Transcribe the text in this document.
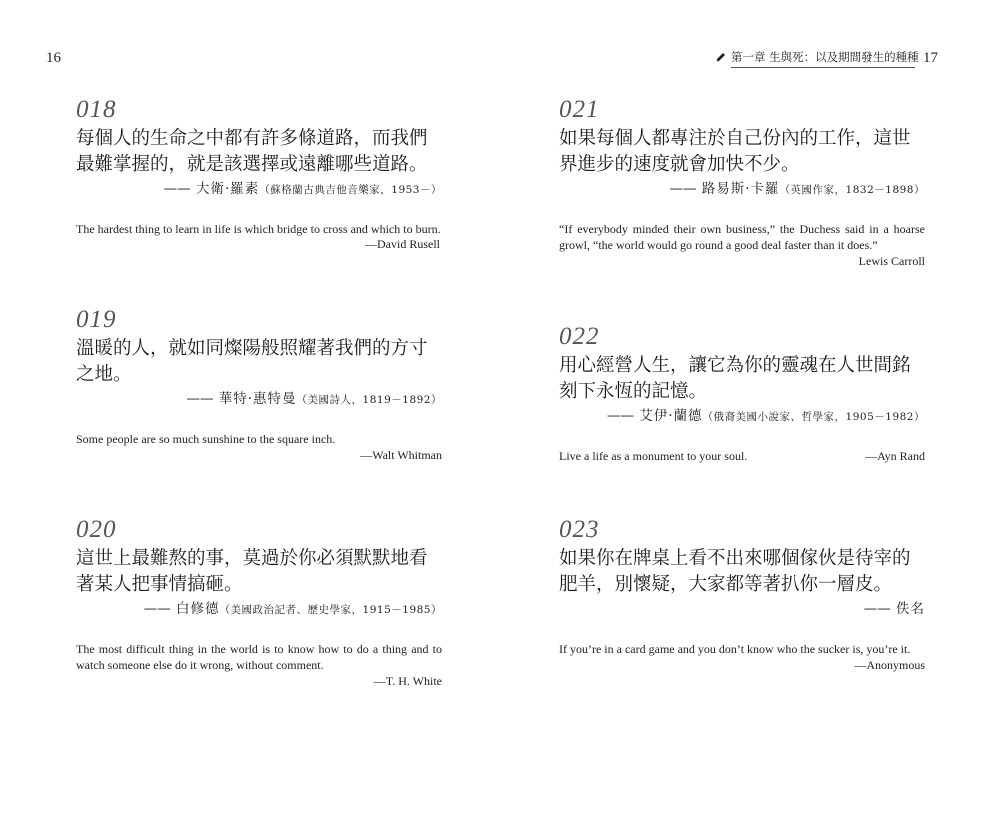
16	第一章 生與死：以及期間發生的種種 17
018
每個人的生命之中都有許多條道路，而我們最難掌握的，就是該選擇或遠離哪些道路。
—— 大衛·羅素（蘇格蘭古典吉他音樂家，1953－）
The hardest thing to learn in life is which bridge to cross and which to burn.
—David Rusell
019
溫暖的人，就如同燦陽般照耀著我們的方寸之地。
—— 華特·惠特曼（美國詩人，1819－1892）
Some people are so much sunshine to the square inch.
—Walt Whitman
020
這世上最難熬的事，莫過於你必須默默地看著某人把事情搞砸。
—— 白修德（美國政治記者、歷史學家，1915－1985）
The most difficult thing in the world is to know how to do a thing and to watch someone else do it wrong, without comment.
—T. H. White
021
如果每個人都專注於自己份內的工作，這世界進步的速度就會加快不少。
—— 路易斯·卡羅（英國作家，1832－1898）
“If everybody minded their own business,” the Duchess said in a hoarse growl, “the world would go round a good deal faster than it does.”
Lewis Carroll
022
用心經營人生，讓它為你的靈魂在人世間銘刻下永恆的記憶。
—— 艾伊·蘭德（俄裔美國小說家、哲學家，1905－1982）
Live a life as a monument to your soul.	—Ayn Rand
023
如果你在牌桌上看不出來哪個傢伙是待宰的肥羊，別懷疑，大家都等著扒你一層皮。
—— 佚名
If you’re in a card game and you don’t know who the sucker is, you’re it.
—Anonymous
